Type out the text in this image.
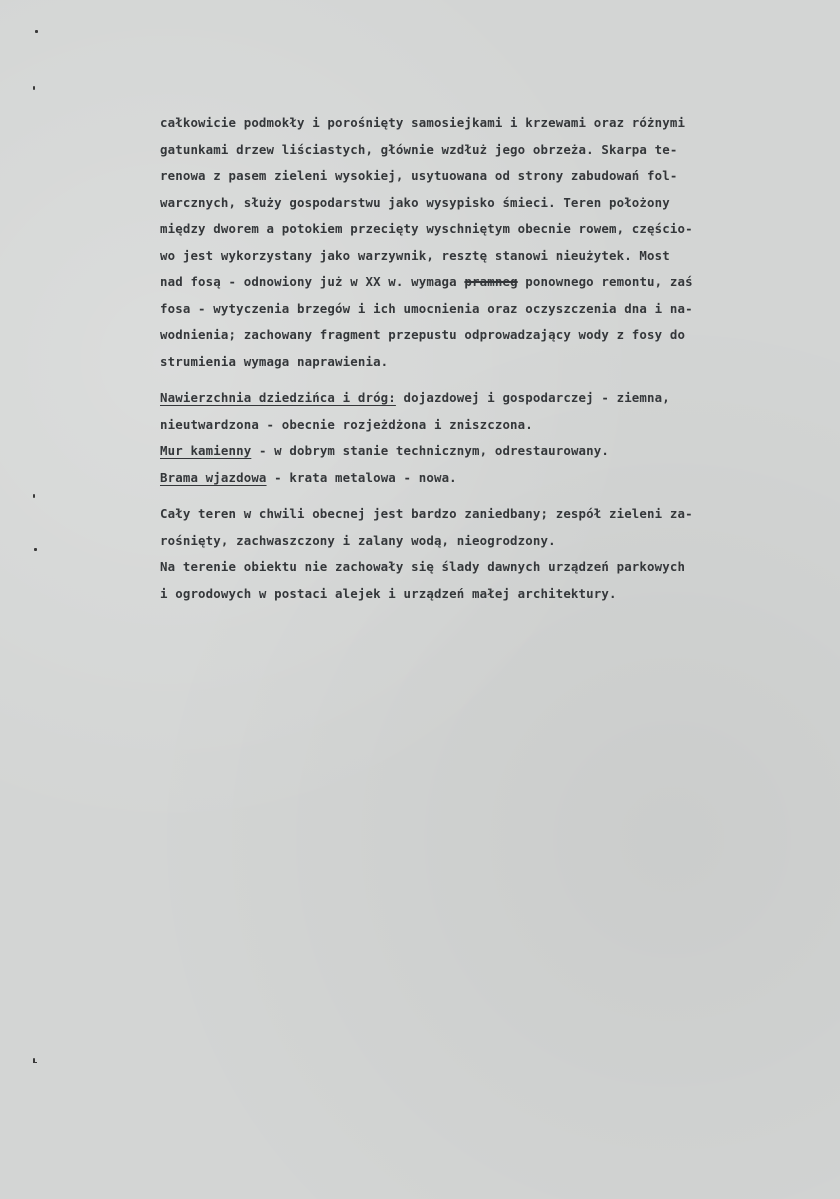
całkowicie podmokły i porośnięty samosiejkami i krzewami oraz różnymi
gatunkami drzew liściastych, głównie wzdłuż jego obrzeża. Skarpa te-
renowa z pasem zieleni wysokiej, usytuowana od strony zabudowań fol-
warcznych, służy gospodarstwu jako wysypisko śmieci. Teren położony
między dworem a potokiem przecięty wyschniętym obecnie rowem, częścio-
wo jest wykorzystany jako warzywnik, resztę stanowi nieużytek. Most
nad fosą - odnowiony już w XX w. wymaga pramneg ponownego remontu, zaś
fosa - wytyczenia brzegów i ich umocnienia oraz oczyszczenia dna i na-
wodnienia; zachowany fragment przepustu odprowadzający wody z fosy do
strumienia wymaga naprawienia.
Nawierzchnia dziedzińca i dróg: dojazdowej i gospodarczej - ziemna,
nieutwardzona - obecnie rozjeżdżona i zniszczona.
Mur kamienny - w dobrym stanie technicznym, odrestaurowany.
Brama wjazdowa - krata metalowa - nowa.
Cały teren w chwili obecnej jest bardzo zaniedbany; zespół zieleni za-
rośnięty, zachwaszczony i zalany wodą, nieogrodzony.
Na terenie obiektu nie zachowały się ślady dawnych urządzeń parkowych
i ogrodowych w postaci alejek i urządzeń małej architektury.
